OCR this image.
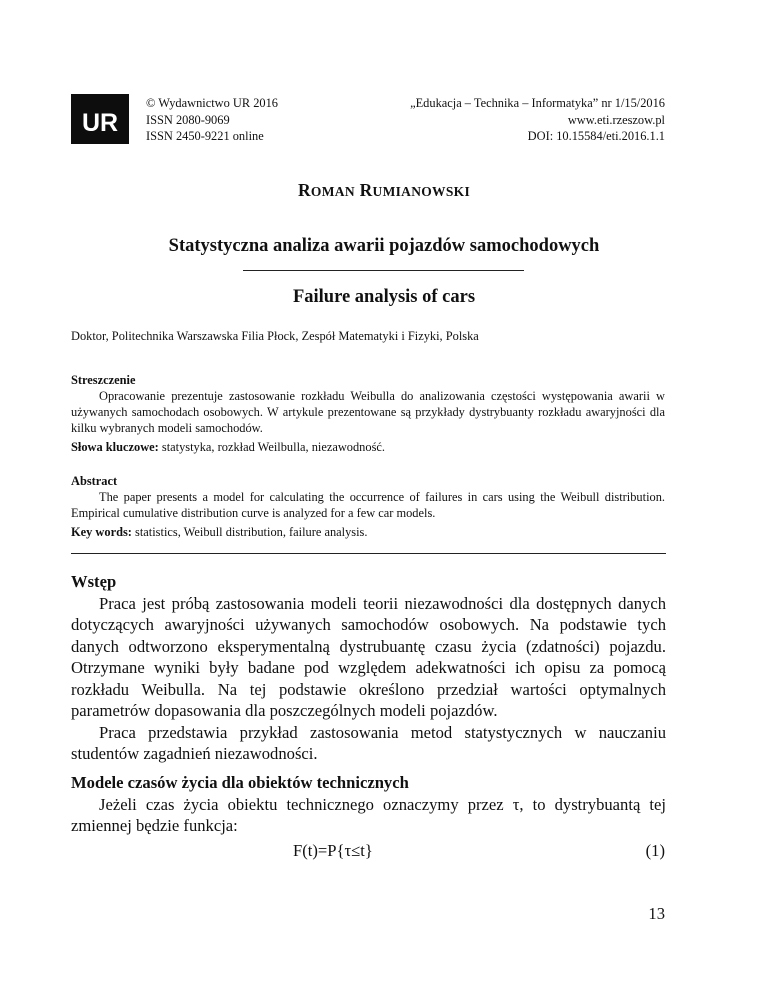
UR
© Wydawnictwo UR 2016
ISSN 2080-9069
ISSN 2450-9221 online
„Edukacja – Technika – Informatyka” nr 1/15/2016
www.eti.rzeszow.pl
DOI: 10.15584/eti.2016.1.1
ROMAN RUMIANOWSKI
Statystyczna analiza awarii pojazdów samochodowych
Failure analysis of cars
Doktor, Politechnika Warszawska Filia Płock, Zespół Matematyki i Fizyki, Polska
Streszczenie

Opracowanie prezentuje zastosowanie rozkładu Weibulla do analizowania częstości występowania awarii w używanych samochodach osobowych. W artykule prezentowane są przykłady dystrybuanty rozkładu awaryjności dla kilku wybranych modeli samochodów.

Słowa kluczowe: statystyka, rozkład Weilbulla, niezawodność.

Abstract

The paper presents a model for calculating the occurrence of failures in cars using the Weibull distribution. Empirical cumulative distribution curve is analyzed for a few car models.

Key words: statistics, Weibull distribution, failure analysis.

Wstęp

Praca jest próbą zastosowania modeli teorii niezawodności dla dostępnych danych dotyczących awaryjności używanych samochodów osobowych. Na podstawie tych danych odtworzono eksperymentalną dystrubuantę czasu życia (zdatności) pojazdu. Otrzymane wyniki były badane pod względem adekwatności ich opisu za pomocą rozkładu Weibulla. Na tej podstawie określono przedział wartości optymalnych parametrów dopasowania dla poszczególnych modeli pojazdów.

Praca przedstawia przykład zastosowania metod statystycznych w nauczaniu studentów zagadnień niezawodności.

Modele czasów życia dla obiektów technicznych

Jeżeli czas życia obiektu technicznego oznaczymy przez τ, to dystrybuantą tej zmiennej będzie funkcja:

F(t)=P{τ≤t}	(1)
13
